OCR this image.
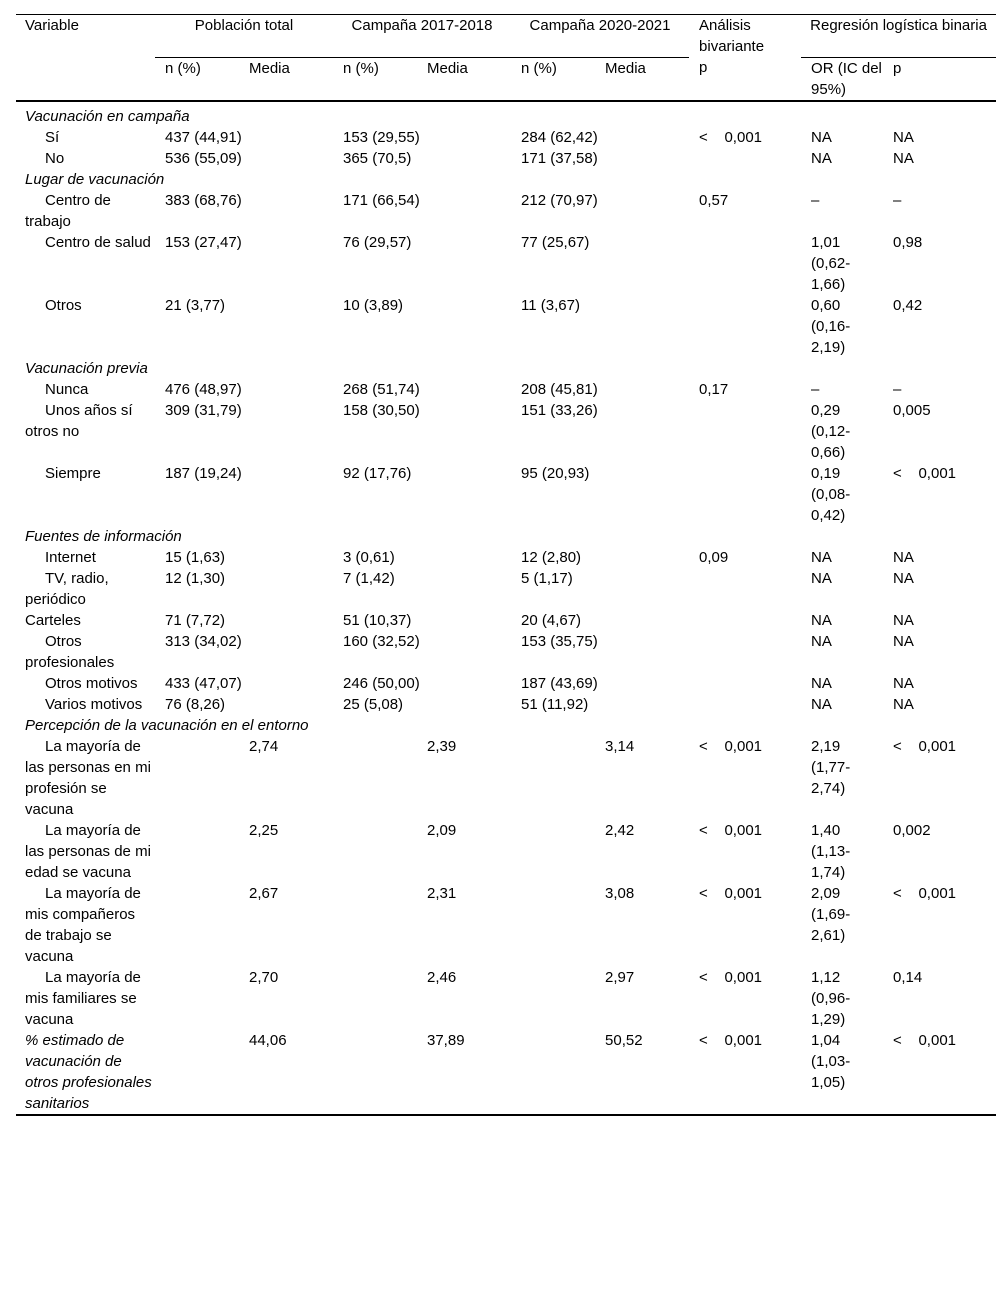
Variable	Población total		Campaña 2017-2018		Campaña 2020-2021		Análisis bivariante	Regresión logística binaria	
	n (%)	Media	n (%)	Media	n (%)	Media	p	OR (IC del 95%)	p
Vacunación en campaña									
Sí	437 (44,91)		153 (29,55)		284 (62,42)		<    0,001	NA	NA
No	536 (55,09)		365 (70,5)		171 (37,58)			NA	NA
Lugar de vacunación									
Centro de trabajo	383 (68,76)		171 (66,54)		212 (70,97)		0,57	–	–
Centro de salud	153 (27,47)		76 (29,57)		77 (25,67)			1,01 (0,62-1,66)	0,98
Otros	21 (3,77)		10 (3,89)		11 (3,67)			0,60 (0,16-2,19)	0,42
Vacunación previa									
Nunca	476 (48,97)		268 (51,74)		208 (45,81)		0,17	–	–
Unos años sí otros no	309 (31,79)		158 (30,50)		151 (33,26)			0,29 (0,12-0,66)	0,005
Siempre	187 (19,24)		92 (17,76)		95 (20,93)			0,19 (0,08-0,42)	<    0,001
Fuentes de información									
Internet	15 (1,63)		3 (0,61)		12 (2,80)		0,09	NA	NA
TV, radio, periódico	12 (1,30)		7 (1,42)		5 (1,17)			NA	NA
Carteles	71 (7,72)		51 (10,37)		20 (4,67)			NA	NA
Otros profesionales	313 (34,02)		160 (32,52)		153 (35,75)			NA	NA
Otros motivos	433 (47,07)		246 (50,00)		187 (43,69)			NA	NA
Varios motivos	76 (8,26)		25 (5,08)		51 (11,92)			NA	NA
Percepción de la vacunación en el entorno									
La mayoría de las personas en mi profesión se vacuna		2,74		2,39		3,14	<    0,001	2,19 (1,77-2,74)	<    0,001
La mayoría de las personas de mi edad se vacuna		2,25		2,09		2,42	<    0,001	1,40 (1,13-1,74)	0,002
La mayoría de mis compañeros de trabajo se vacuna		2,67		2,31		3,08	<    0,001	2,09 (1,69-2,61)	<    0,001
La mayoría de mis familiares se vacuna		2,70		2,46		2,97	<    0,001	1,12 (0,96-1,29)	0,14
% estimado de vacunación de otros profesionales sanitarios		44,06		37,89		50,52	<    0,001	1,04 (1,03-1,05)	<    0,001
